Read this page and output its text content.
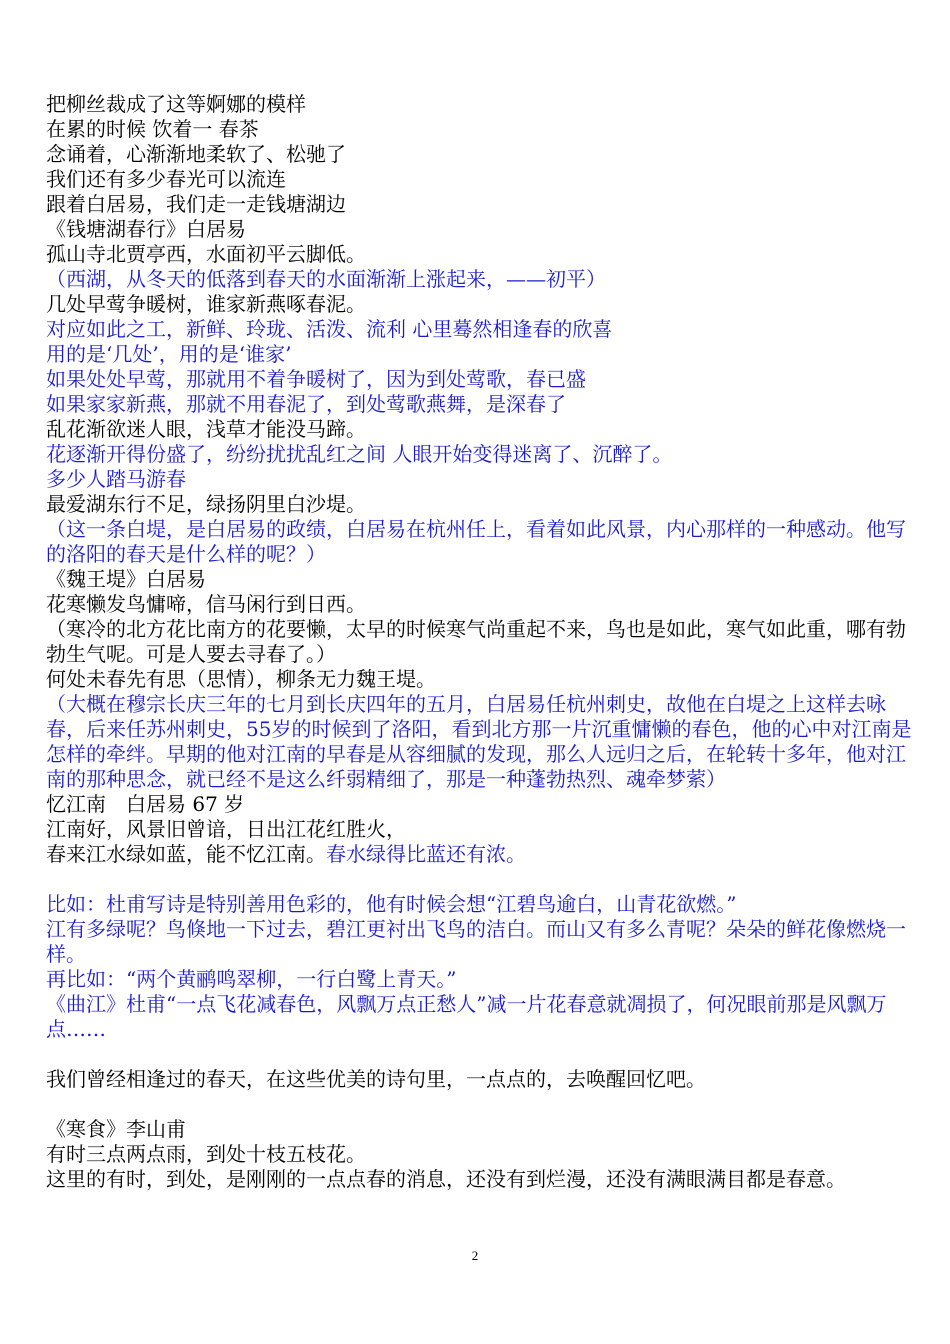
把柳丝裁成了这等婀娜的模样
在累的时候 饮着一 春茶
念诵着，心渐渐地柔软了、松驰了
我们还有多少春光可以流连
跟着白居易，我们走一走钱塘湖边
《钱塘湖春行》白居易
孤山寺北贾亭西，水面初平云脚低。
（西湖，从冬天的低落到春天的水面渐渐上涨起来，——初平）
几处早莺争暖树，谁家新燕啄春泥。
对应如此之工，新鲜、玲珑、活泼、流利 心里蓦然相逢春的欣喜
用的是‘几处’，用的是‘谁家’
如果处处早莺，那就用不着争暖树了，因为到处莺歌，春已盛
如果家家新燕，那就不用春泥了，到处莺歌燕舞，是深春了
乱花渐欲迷人眼，浅草才能没马蹄。
花逐渐开得份盛了，纷纷扰扰乱红之间 人眼开始变得迷离了、沉醉了。
多少人踏马游春
最爱湖东行不足，绿扬阴里白沙堤。
（这一条白堤，是白居易的政绩，白居易在杭州任上，看着如此风景，内心那样的一种感动。他写的洛阳的春天是什么样的呢？）
《魏王堤》白居易
花寒懒发鸟慵啼，信马闲行到日西。
（寒冷的北方花比南方的花要懒，太早的时候寒气尚重起不来，鸟也是如此，寒气如此重，哪有勃勃生气呢。可是人要去寻春了。）
何处未春先有思（思情），柳条无力魏王堤。
（大概在穆宗长庆三年的七月到长庆四年的五月，白居易任杭州刺史，故他在白堤之上这样去咏春，后来任苏州刺史，55岁的时候到了洛阳，看到北方那一片沉重慵懒的春色，他的心中对江南是怎样的牵绊。早期的他对江南的早春是从容细腻的发现，那么人远归之后，在轮转十多年，他对江南的那种思念，就已经不是这么纤弱精细了，那是一种蓬勃热烈、魂牵梦萦）
忆江南　白居易 67 岁
江南好，风景旧曾谙，日出江花红胜火，
春来江水绿如蓝，能不忆江南。春水绿得比蓝还有浓。
比如：杜甫写诗是特别善用色彩的，他有时候会想“江碧鸟逾白，山青花欲燃。”
江有多绿呢？鸟倏地一下过去，碧江更衬出飞鸟的洁白。而山又有多么青呢？朵朵的鲜花像燃烧一样。
再比如：“两个黄鹂鸣翠柳，一行白鹭上青天。”
《曲江》杜甫“一点飞花减春色，风飘万点正愁人”减一片花春意就凋损了，何况眼前那是风飘万点……
我们曾经相逢过的春天，在这些优美的诗句里，一点点的，去唤醒回忆吧。
《寒食》李山甫
有时三点两点雨，到处十枝五枝花。
这里的有时，到处，是刚刚的一点点春的消息，还没有到烂漫，还没有满眼满目都是春意。
2
